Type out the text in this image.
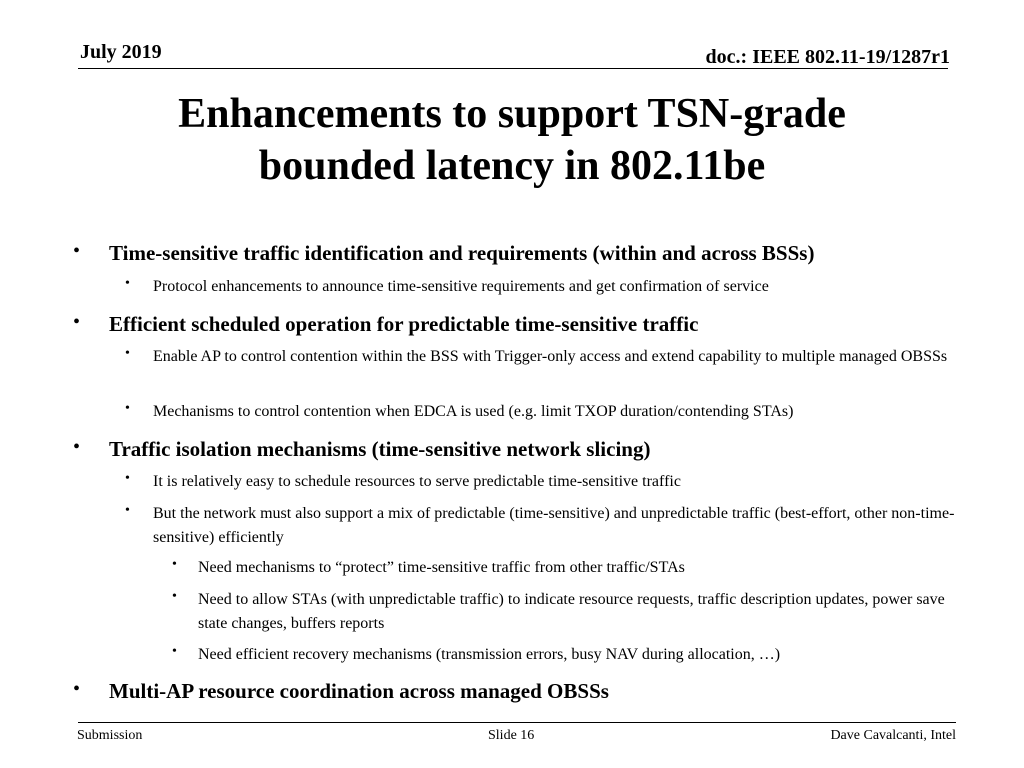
July 2019	doc.: IEEE 802.11-19/1287r1
Enhancements to support TSN-grade
bounded latency in 802.11be
• Time-sensitive traffic identification and requirements (within and across BSSs)
• Protocol enhancements to announce time-sensitive requirements and get confirmation of service
• Efficient scheduled operation for predictable time-sensitive traffic
• Enable AP to control contention within the BSS with Trigger-only access and extend capability to multiple managed OBSSs
• Mechanisms to control contention when EDCA is used (e.g. limit TXOP duration/contending STAs)
• Traffic isolation mechanisms (time-sensitive network slicing)
• It is relatively easy to schedule resources to serve predictable time-sensitive traffic
• But the network must also support a mix of predictable (time-sensitive) and unpredictable traffic (best-effort, other non-time-sensitive) efficiently
• Need mechanisms to “protect” time-sensitive traffic from other traffic/STAs
• Need to allow STAs (with unpredictable traffic) to indicate resource requests, traffic description updates, power save state changes, buffers reports
• Need efficient recovery mechanisms (transmission errors, busy NAV during allocation, …)
• Multi-AP resource coordination across managed OBSSs
Submission	Slide 16	Dave Cavalcanti, Intel
